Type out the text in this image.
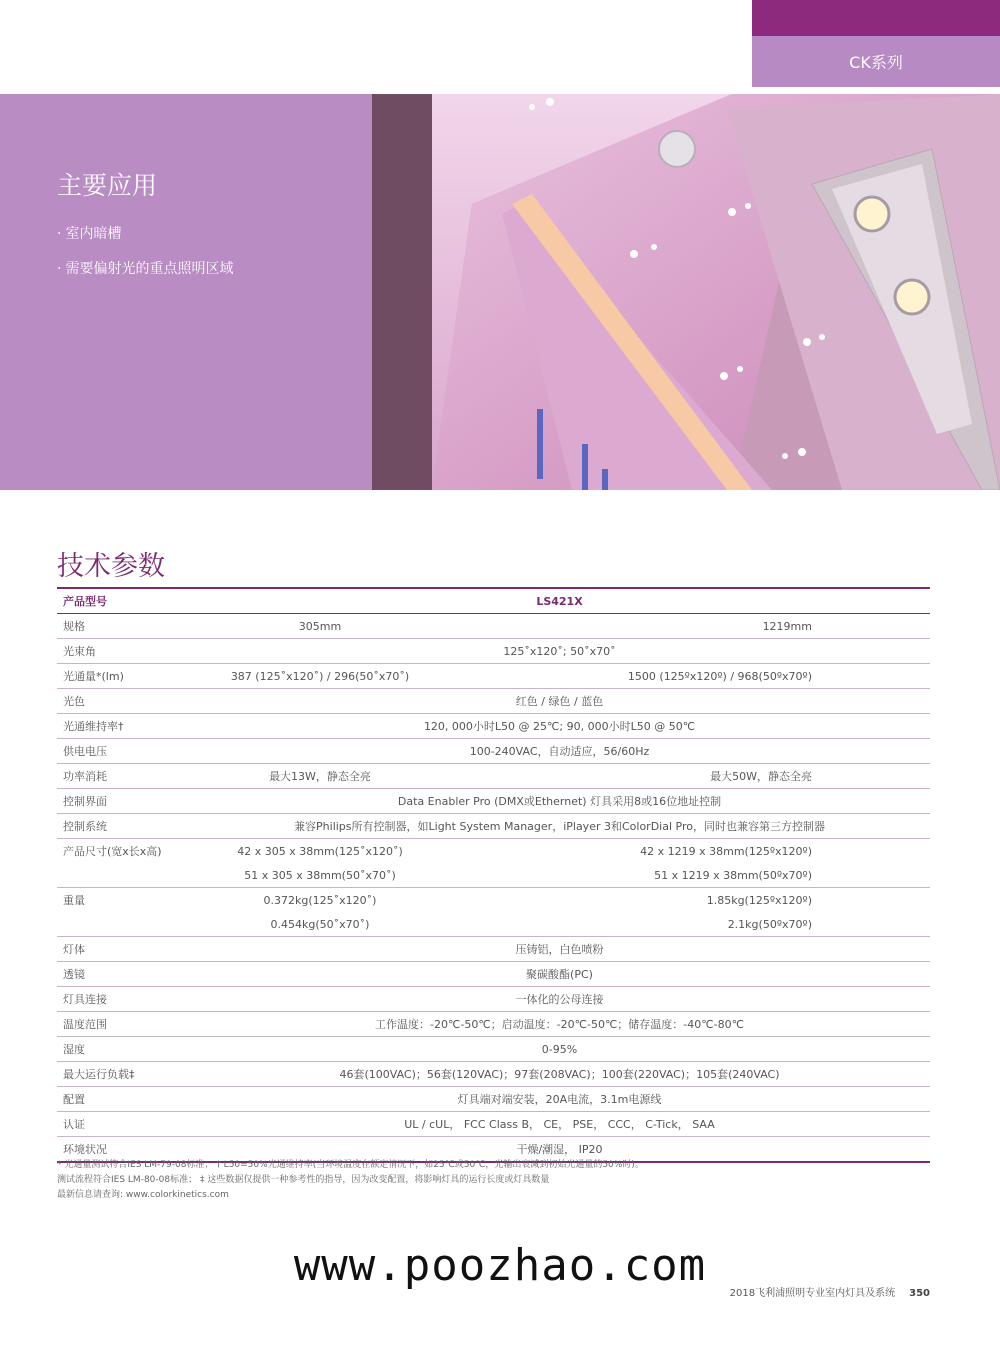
CK系列
主要应用
· 室内暗槽
· 需要偏射光的重点照明区域
技术参数
产品型号	LS421X	
规格	305mm	1219mm
光束角	125˚x120˚; 50˚x70˚	
光通量*(lm)	387 (125˚x120˚) / 296(50˚x70˚)	1500 (125ºx120º) / 968(50ºx70º)
光色	红色 / 绿色 / 蓝色	
光通维持率†	120, 000小时L50 @ 25℃; 90, 000小时L50 @ 50℃	
供电电压	100-240VAC，自动适应，56/60Hz	
功率消耗	最大13W，静态全亮	最大50W，静态全亮
控制界面	Data Enabler Pro (DMX或Ethernet) 灯具采用8或16位地址控制	
控制系统	兼容Philips所有控制器，如Light System Manager，iPlayer 3和ColorDial Pro，同时也兼容第三方控制器	
产品尺寸(宽x长x高)	42 x 305 x 38mm(125˚x120˚)	42 x 1219 x 38mm(125ºx120º)
	51 x 305 x 38mm(50˚x70˚)	51 x 1219 x 38mm(50ºx70º)
重量	0.372kg(125˚x120˚)	1.85kg(125ºx120º)
	0.454kg(50˚x70˚)	2.1kg(50ºx70º)
灯体	压铸铝，白色喷粉	
透镜	聚碳酸酯(PC)	
灯具连接	一体化的公母连接	
温度范围	工作温度：-20℃-50℃；启动温度：-20℃-50℃；储存温度：-40℃-80℃	
湿度	0-95%	
最大运行负载‡	46套(100VAC)；56套(120VAC)；97套(208VAC)；100套(220VAC)；105套(240VAC)	
配置	灯具端对端安装，20A电流，3.1m电源线	
认证	UL / cUL， FCC Class B， CE， PSE， CCC， C-Tick， SAA	
环境状况	干燥/潮湿， IP20	
* 光通量测试符合IES LM-79-08标准； † L50=50%光通维持率(当环境温度在额定情况下，如25℃或50℃，光输出衰减到初始光通量的50%时)。
测试流程符合IES LM-80-08标准； ‡ 这些数据仅提供一种参考性的指导，因为改变配置，将影响灯具的运行长度或灯具数量
最新信息请查询: www.colorkinetics.com
www.poozhao.com
2018飞利浦照明专业室内灯具及系统 350
